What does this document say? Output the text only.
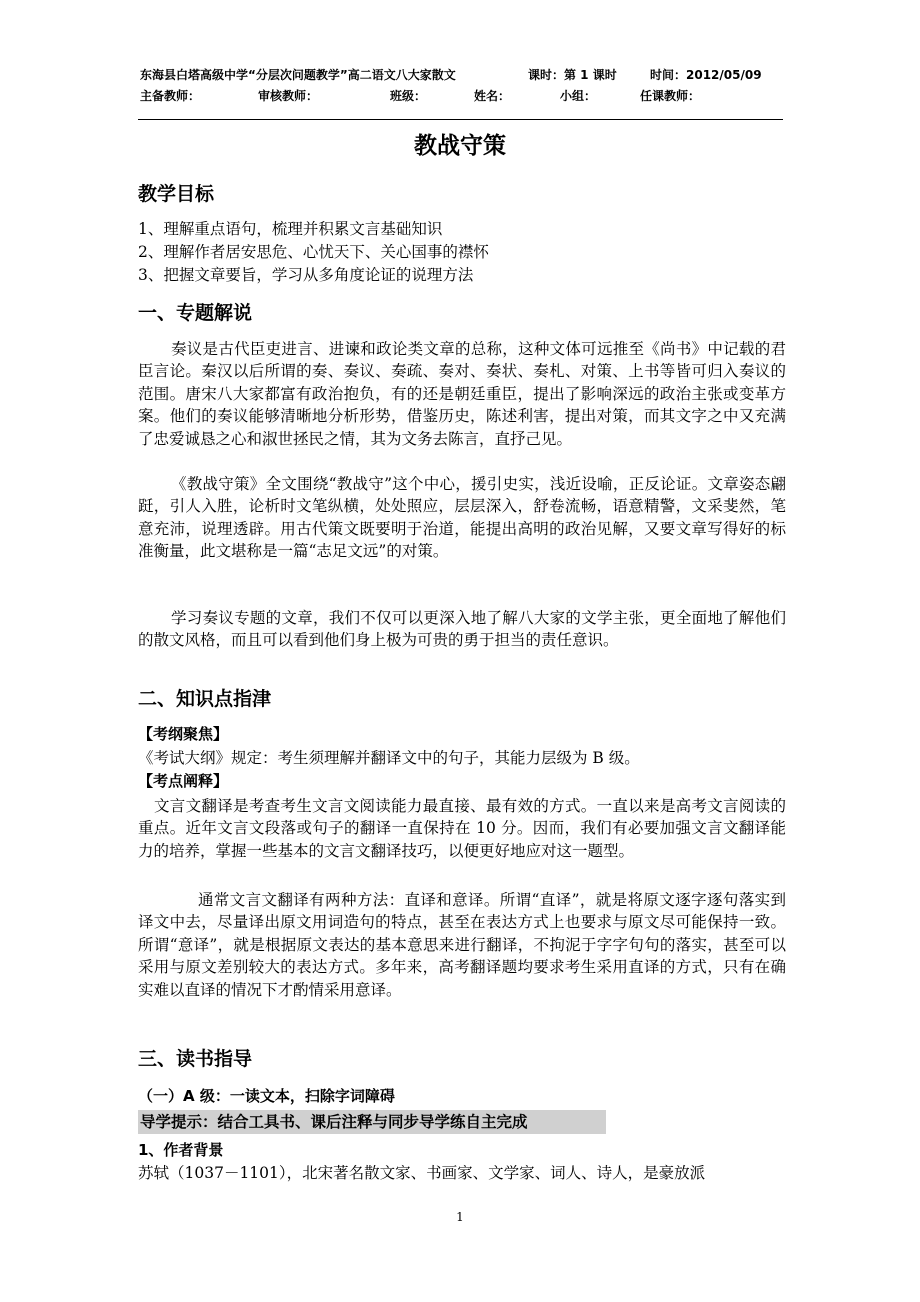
东海县白塔高级中学“分层次问题教学”高二语文八大家散文	课时：第 1 课时	时间：2012/05/09
主备教师：	审核教师：	班级：	姓名：	小组：	任课教师：
教战守策
教学目标
1、理解重点语句，梳理并积累文言基础知识
2、理解作者居安思危、心忧天下、关心国事的襟怀
3、把握文章要旨，学习从多角度论证的说理方法
一、专题解说
奏议是古代臣吏进言、进谏和政论类文章的总称，这种文体可远推至《尚书》中记载的君臣言论。秦汉以后所谓的奏、奏议、奏疏、奏对、奏状、奏札、对策、上书等皆可归入奏议的范围。唐宋八大家都富有政治抱负，有的还是朝廷重臣，提出了影响深远的政治主张或变革方案。他们的奏议能够清晰地分析形势，借鉴历史，陈述利害，提出对策，而其文字之中又充满了忠爱诚恳之心和淑世拯民之情，其为文务去陈言，直抒己见。
《教战守策》全文围绕“教战守”这个中心，援引史实，浅近设喻，正反论证。文章姿态翩跹，引人入胜，论析时文笔纵横，处处照应，层层深入，舒卷流畅，语意精警，文采斐然，笔意充沛，说理透辟。用古代策文既要明于治道，能提出高明的政治见解，又要文章写得好的标准衡量，此文堪称是一篇“志足文远”的对策。
学习奏议专题的文章，我们不仅可以更深入地了解八大家的文学主张，更全面地了解他们的散文风格，而且可以看到他们身上极为可贵的勇于担当的责任意识。
二、知识点指津
【考纲聚焦】
《考试大纲》规定：考生须理解并翻译文中的句子，其能力层级为 B 级。
【考点阐释】
文言文翻译是考查考生文言文阅读能力最直接、最有效的方式。一直以来是高考文言阅读的重点。近年文言文段落或句子的翻译一直保持在 10 分。因而，我们有必要加强文言文翻译能力的培养，掌握一些基本的文言文翻译技巧，以便更好地应对这一题型。
通常文言文翻译有两种方法：直译和意译。所谓“直译”，就是将原文逐字逐句落实到译文中去，尽量译出原文用词造句的特点，甚至在表达方式上也要求与原文尽可能保持一致。所谓“意译”，就是根据原文表达的基本意思来进行翻译，不拘泥于字字句句的落实，甚至可以采用与原文差别较大的表达方式。多年来，高考翻译题均要求考生采用直译的方式，只有在确实难以直译的情况下才酌情采用意译。
三、读书指导
（一）A 级：一读文本，扫除字词障碍
导学提示：结合工具书、课后注释与同步导学练自主完成
1、作者背景
苏轼（1037－1101），北宋著名散文家、书画家、文学家、词人、诗人，是豪放派
1
